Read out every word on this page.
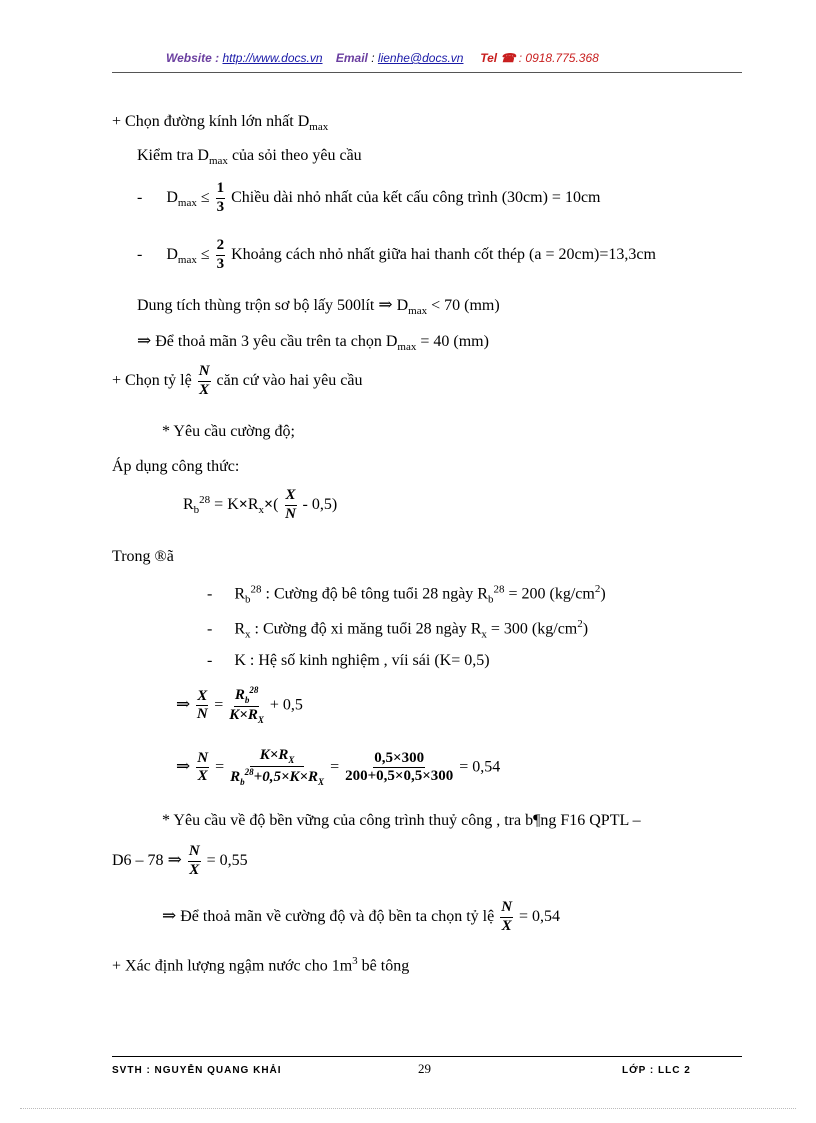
Website : http://www.docs.vn Email : lienhe@docs.vn Tel ☎ : 0918.775.368
+ Chọn đường kính lớn nhất $D_{max}$
Kiểm tra $D_{max}$ của sỏi theo yêu cầu
- $D_{max} \le \frac{1}{3}$ Chiều dài nhỏ nhất của kết cấu công trình (30cm) = 10cm
- $D_{max} \le \frac{2}{3}$ Khoảng cách nhỏ nhất giữa hai thanh cốt thép (a = 20cm)=13,3cm
Dung tích thùng trộn sơ bộ lấy 500lít ⇒ $D_{max} < 70$ (mm)
⇒ Để thoả mãn 3 yêu cầu trên ta chọn $D_{max} = 40$ (mm)
+ Chọn tỷ lệ $\frac{N}{X}$ căn cứ vào hai yêu cầu
* Yêu cầu cường độ;
Áp dụng công thức:
$R_b^{28} = K\times R_x\times( \frac{X}{N} - 0,5)$
Trong ®ã
- $R_b^{28}$ : Cường độ bê tông tuổi 28 ngày $R_b^{28} = 200$ $(kg/cm^2)$
- $R_x$ : Cường độ xi măng tuổi 28 ngày $R_x = 300$ $(kg/cm^2)$
- K : Hệ số kinh nghiệm , víi sái (K= 0,5)
⇒ $\frac{X}{N} = \frac{R_b^{28}}{K\times R_X} + 0,5$
⇒ $\frac{N}{X} = \frac{K\times R_X}{R_b^{28}+0,5\times K\times R_X} = \frac{0,5\times 300}{200+0,5\times 0,5\times 300} = 0,54$
* Yêu cầu về độ bền vững của công trình thuỷ công , tra b¶ng F16 QPTL –
D6 – 78 ⇒ $\frac{N}{X} = 0,55$
⇒ Để thoả mãn về cường độ và độ bền ta chọn tỷ lệ $\frac{N}{X} = 0,54$
+ Xác định lượng ngậm nước cho $1m^3$ bê tông
SVTH : NGUYỄN QUANG KHẢI	29	LỚP : LLC 2
